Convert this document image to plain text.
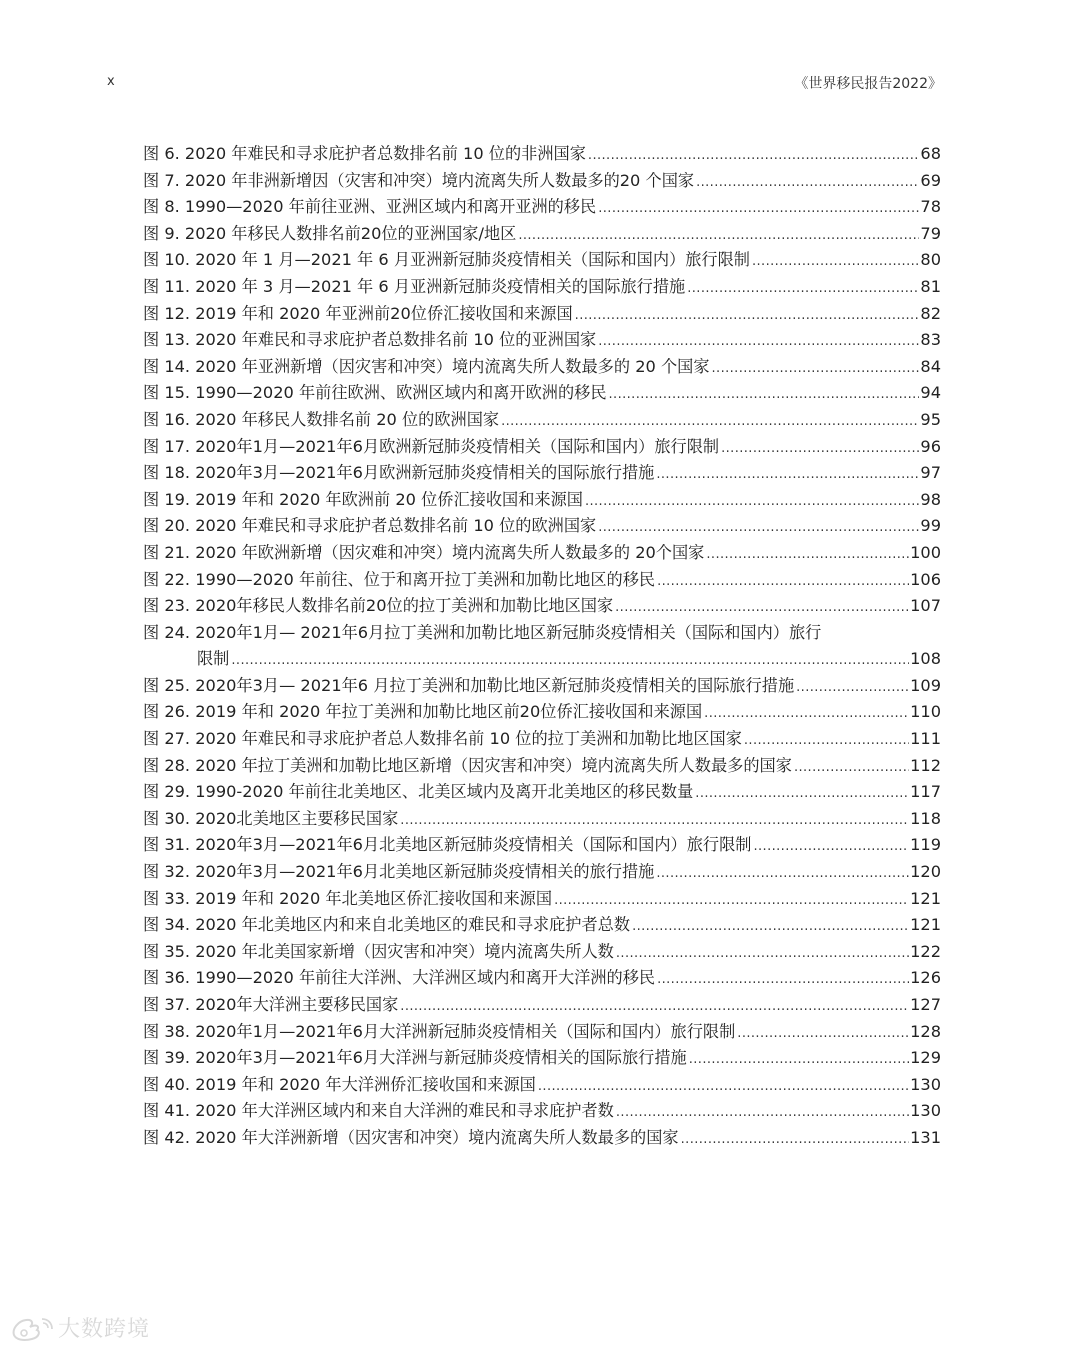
x	《世界移民报告2022》
图 6. 2020 年难民和寻求庇护者总数排名前 10 位的非洲国家 .....	68
图 7. 2020 年非洲新增因（灾害和冲突）境内流离失所人数最多的20 个国家 .....	69
图 8. 1990—2020 年前往亚洲、亚洲区域内和离开亚洲的移民 .....	78
图 9. 2020 年移民人数排名前20位的亚洲国家/地区 .....	79
图 10. 2020 年 1 月—2021 年 6 月亚洲新冠肺炎疫情相关（国际和国内）旅行限制 .....	80
图 11. 2020 年 3 月—2021 年 6 月亚洲新冠肺炎疫情相关的国际旅行措施 .....	81
图 12. 2019 年和 2020 年亚洲前20位侨汇接收国和来源国 .....	82
图 13. 2020 年难民和寻求庇护者总数排名前 10 位的亚洲国家 .....	83
图 14. 2020 年亚洲新增（因灾害和冲突）境内流离失所人数最多的 20 个国家 .....	84
图 15. 1990—2020 年前往欧洲、欧洲区域内和离开欧洲的移民 .....	94
图 16. 2020 年移民人数排名前 20 位的欧洲国家 .....	95
图 17. 2020年1月—2021年6月欧洲新冠肺炎疫情相关（国际和国内）旅行限制 .....	96
图 18. 2020年3月—2021年6月欧洲新冠肺炎疫情相关的国际旅行措施 .....	97
图 19. 2019 年和 2020 年欧洲前 20 位侨汇接收国和来源国 .....	98
图 20. 2020 年难民和寻求庇护者总数排名前 10 位的欧洲国家 .....	99
图 21. 2020 年欧洲新增（因灾难和冲突）境内流离失所人数最多的 20个国家 .....	100
图 22. 1990—2020 年前往、位于和离开拉丁美洲和加勒比地区的移民 .....	106
图 23. 2020年移民人数排名前20位的拉丁美洲和加勒比地区国家 .....	107
图 24. 2020年1月— 2021年6月拉丁美洲和加勒比地区新冠肺炎疫情相关（国际和国内）旅行
限制 .....	108
图 25. 2020年3月— 2021年6 月拉丁美洲和加勒比地区新冠肺炎疫情相关的国际旅行措施 .....	109
图 26. 2019 年和 2020 年拉丁美洲和加勒比地区前20位侨汇接收国和来源国 .....	110
图 27. 2020 年难民和寻求庇护者总人数排名前 10 位的拉丁美洲和加勒比地区国家 .....	111
图 28. 2020 年拉丁美洲和加勒比地区新增（因灾害和冲突）境内流离失所人数最多的国家 .....	112
图 29. 1990-2020 年前往北美地区、北美区域内及离开北美地区的移民数量 .....	117
图 30. 2020北美地区主要移民国家 .....	118
图 31. 2020年3月—2021年6月北美地区新冠肺炎疫情相关（国际和国内）旅行限制 .....	119
图 32. 2020年3月—2021年6月北美地区新冠肺炎疫情相关的旅行措施 .....	120
图 33. 2019 年和 2020 年北美地区侨汇接收国和来源国 .....	121
图 34. 2020 年北美地区内和来自北美地区的难民和寻求庇护者总数 .....	121
图 35. 2020 年北美国家新增（因灾害和冲突）境内流离失所人数 .....	122
图 36. 1990—2020 年前往大洋洲、大洋洲区域内和离开大洋洲的移民 .....	126
图 37. 2020年大洋洲主要移民国家 .....	127
图 38. 2020年1月—2021年6月大洋洲新冠肺炎疫情相关（国际和国内）旅行限制 .....	128
图 39. 2020年3月—2021年6月大洋洲与新冠肺炎疫情相关的国际旅行措施 .....	129
图 40. 2019 年和 2020 年大洋洲侨汇接收国和来源国 .....	130
图 41. 2020 年大洋洲区域内和来自大洋洲的难民和寻求庇护者数 .....	130
图 42. 2020 年大洋洲新增（因灾害和冲突）境内流离失所人数最多的国家 .....	131
大数跨境
